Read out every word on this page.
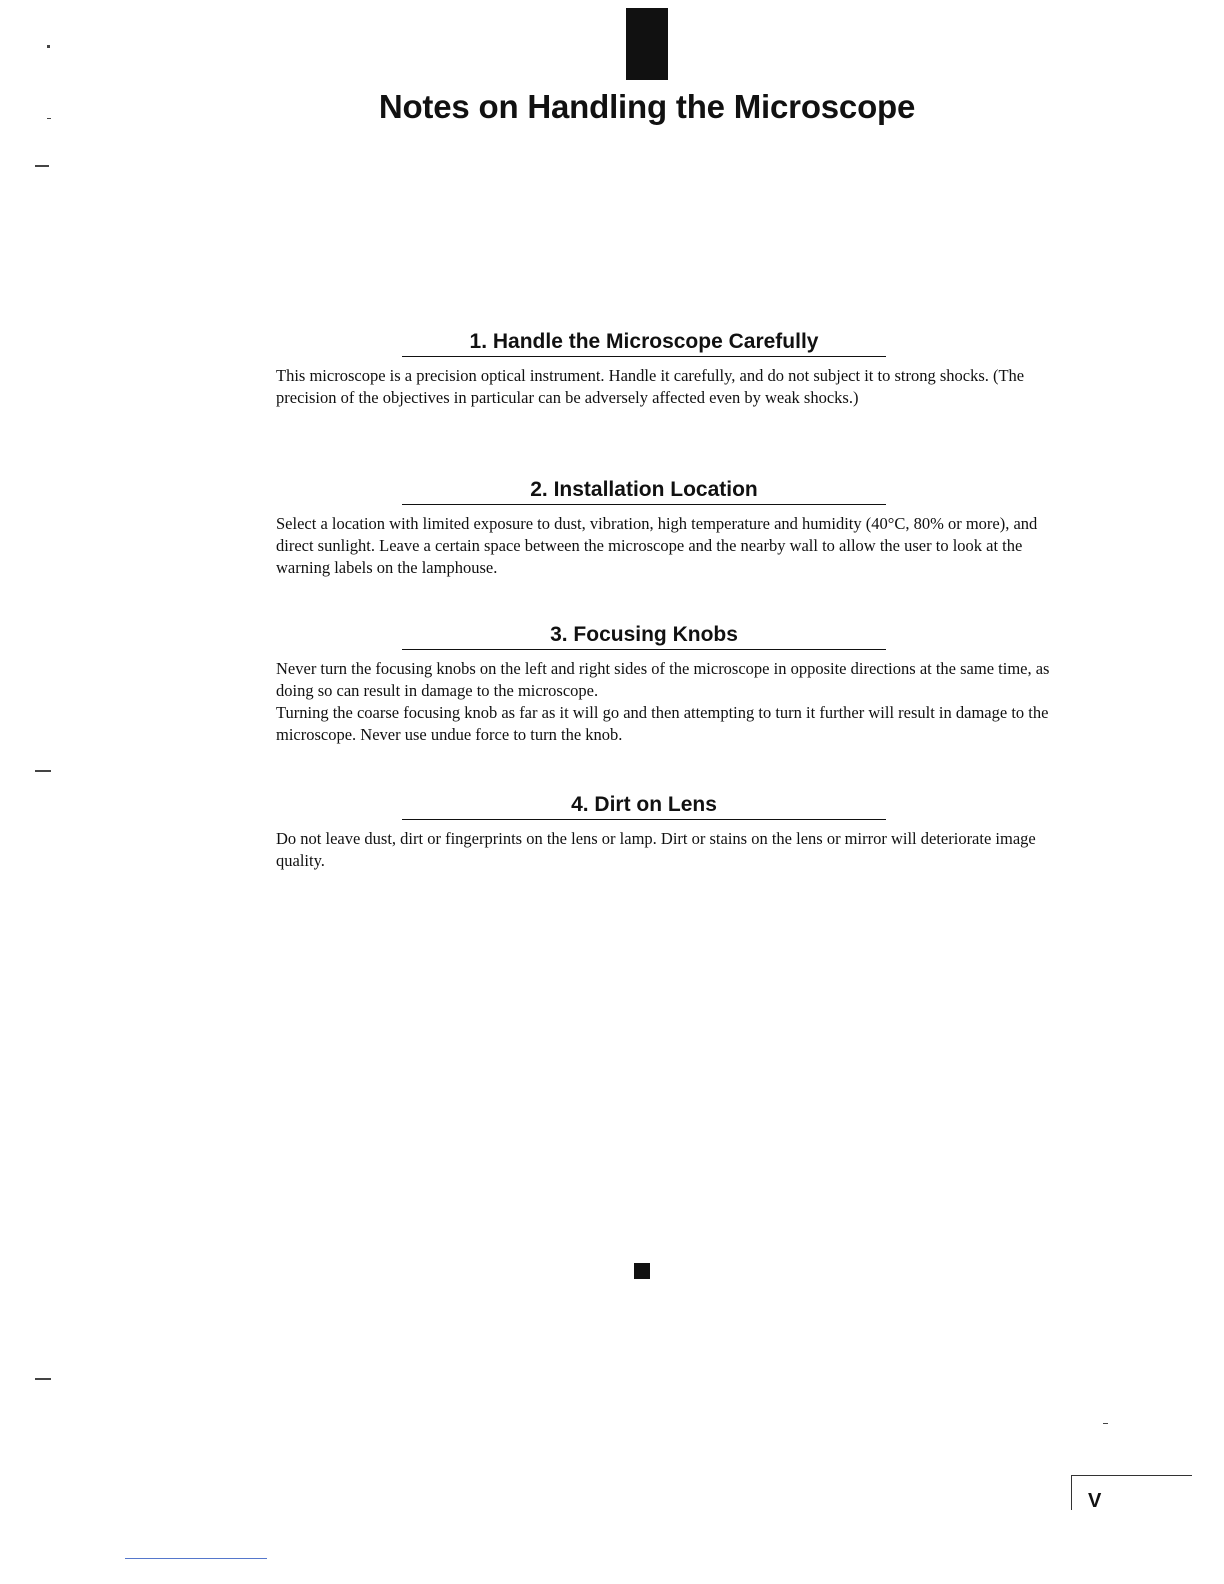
Notes on Handling the Microscope
1. Handle the Microscope Carefully

This microscope is a precision optical instrument. Handle it carefully, and do not subject it to strong shocks. (The precision of the objectives in particular can be adversely affected even by weak shocks.)

2. Installation Location

Select a location with limited exposure to dust, vibration, high temperature and humidity (40°C, 80% or more), and direct sunlight. Leave a certain space between the microscope and the nearby wall to allow the user to look at the warning labels on the lamphouse.

3. Focusing Knobs

Never turn the focusing knobs on the left and right sides of the microscope in opposite directions at the same time, as doing so can result in damage to the microscope.

Turning the coarse focusing knob as far as it will go and then attempting to turn it further will result in damage to the microscope. Never use undue force to turn the knob.

4. Dirt on Lens

Do not leave dust, dirt or fingerprints on the lens or lamp. Dirt or stains on the lens or mirror will deteriorate image quality.

V
